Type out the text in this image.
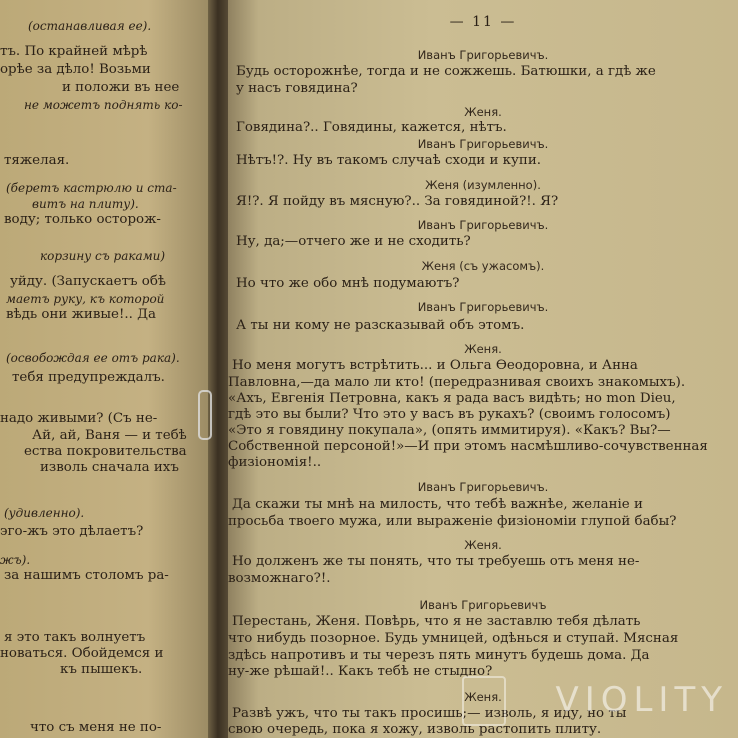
(останавливая ее).
тъ. По крайней мѣрѣ
орѣе за дѣло! Возьми
и положи въ нее
не можетъ поднять ко-
тяжелая.
(беретъ кастрюлю и ста-
витъ на плиту).
воду; только осторож-
корзину съ раками)
уйду. (Запускаетъ обѣ
маетъ руку, къ которой
вѣдь они живые!.. Да
(освобождая ее отъ рака).
тебя предупреждалъ.
надо живыми? (Съ не-
Ай, ай, Ваня — и тебѣ
ества покровительства
изволь сначала ихъ
(удивленно).
эго-жъ это дѣлаетъ?
жъ).
за нашимъ столомъ ра-
я это такъ волнуетъ
новаться. Обойдемся и
къ пышекъ.
что съ меня не по-
— 11 —
Иванъ Григорьевичъ.
Будь осторожнѣе, тогда и не сожжешь. Батюшки, а гдѣ же
у насъ говядина?
Женя.
Говядина?.. Говядины, кажется, нѣтъ.
Иванъ Григорьевичъ.
Нѣтъ!?. Ну въ такомъ случаѣ сходи и купи.
Женя (изумленно).
Я!?. Я пойду въ мясную?.. За говядиной?!. Я?
Иванъ Григорьевичъ.
Ну, да;—отчего же и не сходить?
Женя (съ ужасомъ).
Но что же обо мнѣ подумаютъ?
Иванъ Григорьевичъ.
А ты ни кому не разсказывай объ этомъ.
Женя.
Но меня могутъ встрѣтить... и Ольга Ѳеодоровна, и Анна
Павловна,—да мало ли кто! (передразнивая своихъ знакомыхъ).
«Ахъ, Евгенія Петровна, какъ я рада васъ видѣть; но mon Dieu,
гдѣ это вы были? Что это у васъ въ рукахъ? (своимъ голосомъ)
«Это я говядину покупала», (опять иммитируя). «Какъ? Вы?—
Собственной персоной!»—И при этомъ насмѣшливо-сочувственная
физіономія!..
Иванъ Григорьевичъ.
Да скажи ты мнѣ на милость, что тебѣ важнѣе, желаніе и
просьба твоего мужа, или выраженіе физіономіи глупой бабы?
Женя.
Но долженъ же ты понять, что ты требуешь отъ меня не-
возможнаго?!.
Иванъ Григорьевичъ
Перестань, Женя. Повѣрь, что я не заставлю тебя дѣлать
что нибудь позорное. Будь умницей, одѣнься и ступай. Мясная
здѣсь напротивъ и ты черезъ пять минутъ будешь дома. Да
ну-же рѣшай!.. Какъ тебѣ не стыдно?
Женя.
Развѣ ужъ, что ты такъ просишь;— изволь, я иду, но ты
свою очередь, пока я хожу, изволь растопить плиту.
VIOLITY
